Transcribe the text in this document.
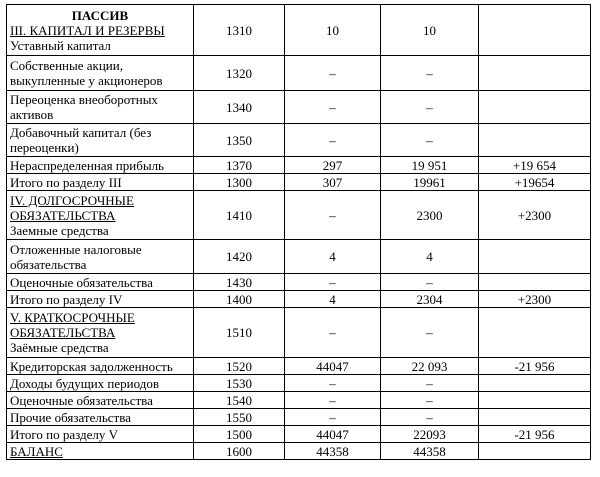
ПАССИВ
III. КАПИТАЛ И РЕЗЕРВЫ
Уставный капитал	1310	10	10	
Собственные акции, выкупленные у акционеров	1320	–	–	
Переоценка внеоборотных активов	1340	–	–	
Добавочный капитал (без переоценки)	1350	–	–	
Нераспределенная прибыль	1370	297	19 951	+19 654
Итого по разделу III	1300	307	19961	+19654

IV. ДОЛГОСРОЧНЫЕ ОБЯЗАТЕЛЬСТВА
Заемные средства	1410	–	2300	+2300
Отложенные налоговые обязательства	1420	4	4	
Оценочные обязательства	1430	–	–	
Итого по разделу IV	1400	4	2304	+2300

V. КРАТКОСРОЧНЫЕ ОБЯЗАТЕЛЬСТВА
Заёмные средства	1510	–	–	
Кредиторская задолженность	1520	44047	22 093	-21 956
Доходы будущих периодов	1530	–	–	
Оценочные обязательства	1540	–	–	
Прочие обязательства	1550	–	–	
Итого по разделу V	1500	44047	22093	-21 956
БАЛАНС	1600	44358	44358	
